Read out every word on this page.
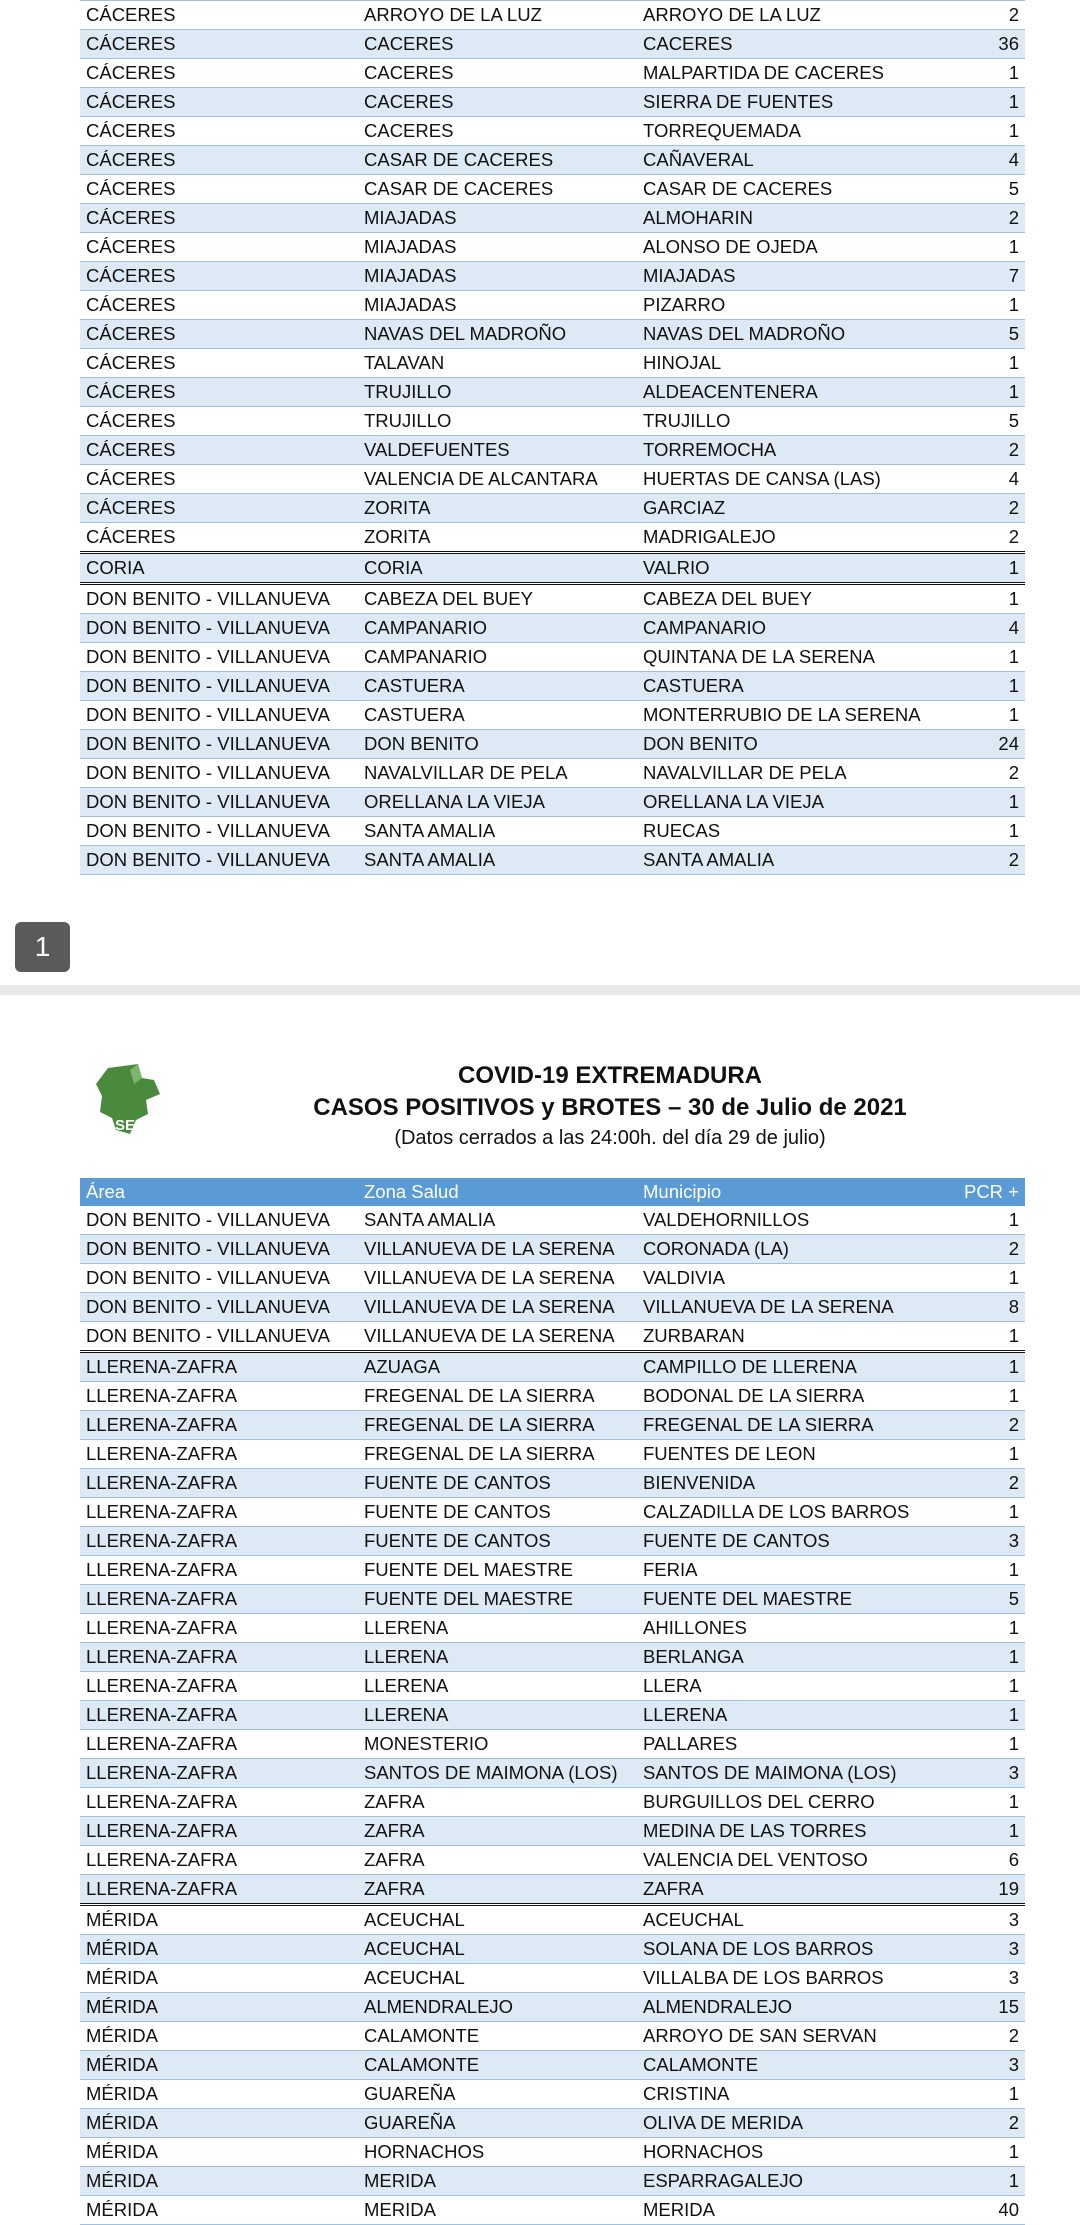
CÁCERES	ARROYO DE LA LUZ	ARROYO DE LA LUZ	2
CÁCERES	CACERES	CACERES	36
CÁCERES	CACERES	MALPARTIDA DE CACERES	1
CÁCERES	CACERES	SIERRA DE FUENTES	1
CÁCERES	CACERES	TORREQUEMADA	1
CÁCERES	CASAR DE CACERES	CAÑAVERAL	4
CÁCERES	CASAR DE CACERES	CASAR DE CACERES	5
CÁCERES	MIAJADAS	ALMOHARIN	2
CÁCERES	MIAJADAS	ALONSO DE OJEDA	1
CÁCERES	MIAJADAS	MIAJADAS	7
CÁCERES	MIAJADAS	PIZARRO	1
CÁCERES	NAVAS DEL MADROÑO	NAVAS DEL MADROÑO	5
CÁCERES	TALAVAN	HINOJAL	1
CÁCERES	TRUJILLO	ALDEACENTENERA	1
CÁCERES	TRUJILLO	TRUJILLO	5
CÁCERES	VALDEFUENTES	TORREMOCHA	2
CÁCERES	VALENCIA DE ALCANTARA	HUERTAS DE CANSA (LAS)	4
CÁCERES	ZORITA	GARCIAZ	2
CÁCERES	ZORITA	MADRIGALEJO	2
CORIA	CORIA	VALRIO	1
DON BENITO - VILLANUEVA	CABEZA DEL BUEY	CABEZA DEL BUEY	1
DON BENITO - VILLANUEVA	CAMPANARIO	CAMPANARIO	4
DON BENITO - VILLANUEVA	CAMPANARIO	QUINTANA DE LA SERENA	1
DON BENITO - VILLANUEVA	CASTUERA	CASTUERA	1
DON BENITO - VILLANUEVA	CASTUERA	MONTERRUBIO DE LA SERENA	1
DON BENITO - VILLANUEVA	DON BENITO	DON BENITO	24
DON BENITO - VILLANUEVA	NAVALVILLAR DE PELA	NAVALVILLAR DE PELA	2
DON BENITO - VILLANUEVA	ORELLANA LA VIEJA	ORELLANA LA VIEJA	1
DON BENITO - VILLANUEVA	SANTA AMALIA	RUECAS	1
DON BENITO - VILLANUEVA	SANTA AMALIA	SANTA AMALIA	2
1
SES
COVID-19 EXTREMADURA
CASOS POSITIVOS y BROTES – 30 de Julio de 2021
(Datos cerrados a las 24:00h. del día 29 de julio)
Área	Zona Salud	Municipio	PCR +
DON BENITO - VILLANUEVA	SANTA AMALIA	VALDEHORNILLOS	1
DON BENITO - VILLANUEVA	VILLANUEVA DE LA SERENA	CORONADA (LA)	2
DON BENITO - VILLANUEVA	VILLANUEVA DE LA SERENA	VALDIVIA	1
DON BENITO - VILLANUEVA	VILLANUEVA DE LA SERENA	VILLANUEVA DE LA SERENA	8
DON BENITO - VILLANUEVA	VILLANUEVA DE LA SERENA	ZURBARAN	1
LLERENA-ZAFRA	AZUAGA	CAMPILLO DE LLERENA	1
LLERENA-ZAFRA	FREGENAL DE LA SIERRA	BODONAL DE LA SIERRA	1
LLERENA-ZAFRA	FREGENAL DE LA SIERRA	FREGENAL DE LA SIERRA	2
LLERENA-ZAFRA	FREGENAL DE LA SIERRA	FUENTES DE LEON	1
LLERENA-ZAFRA	FUENTE DE CANTOS	BIENVENIDA	2
LLERENA-ZAFRA	FUENTE DE CANTOS	CALZADILLA DE LOS BARROS	1
LLERENA-ZAFRA	FUENTE DE CANTOS	FUENTE DE CANTOS	3
LLERENA-ZAFRA	FUENTE DEL MAESTRE	FERIA	1
LLERENA-ZAFRA	FUENTE DEL MAESTRE	FUENTE DEL MAESTRE	5
LLERENA-ZAFRA	LLERENA	AHILLONES	1
LLERENA-ZAFRA	LLERENA	BERLANGA	1
LLERENA-ZAFRA	LLERENA	LLERA	1
LLERENA-ZAFRA	LLERENA	LLERENA	1
LLERENA-ZAFRA	MONESTERIO	PALLARES	1
LLERENA-ZAFRA	SANTOS DE MAIMONA (LOS)	SANTOS DE MAIMONA (LOS)	3
LLERENA-ZAFRA	ZAFRA	BURGUILLOS DEL CERRO	1
LLERENA-ZAFRA	ZAFRA	MEDINA DE LAS TORRES	1
LLERENA-ZAFRA	ZAFRA	VALENCIA DEL VENTOSO	6
LLERENA-ZAFRA	ZAFRA	ZAFRA	19
MÉRIDA	ACEUCHAL	ACEUCHAL	3
MÉRIDA	ACEUCHAL	SOLANA DE LOS BARROS	3
MÉRIDA	ACEUCHAL	VILLALBA DE LOS BARROS	3
MÉRIDA	ALMENDRALEJO	ALMENDRALEJO	15
MÉRIDA	CALAMONTE	ARROYO DE SAN SERVAN	2
MÉRIDA	CALAMONTE	CALAMONTE	3
MÉRIDA	GUAREÑA	CRISTINA	1
MÉRIDA	GUAREÑA	OLIVA DE MERIDA	2
MÉRIDA	HORNACHOS	HORNACHOS	1
MÉRIDA	MERIDA	ESPARRAGALEJO	1
MÉRIDA	MERIDA	MERIDA	40
